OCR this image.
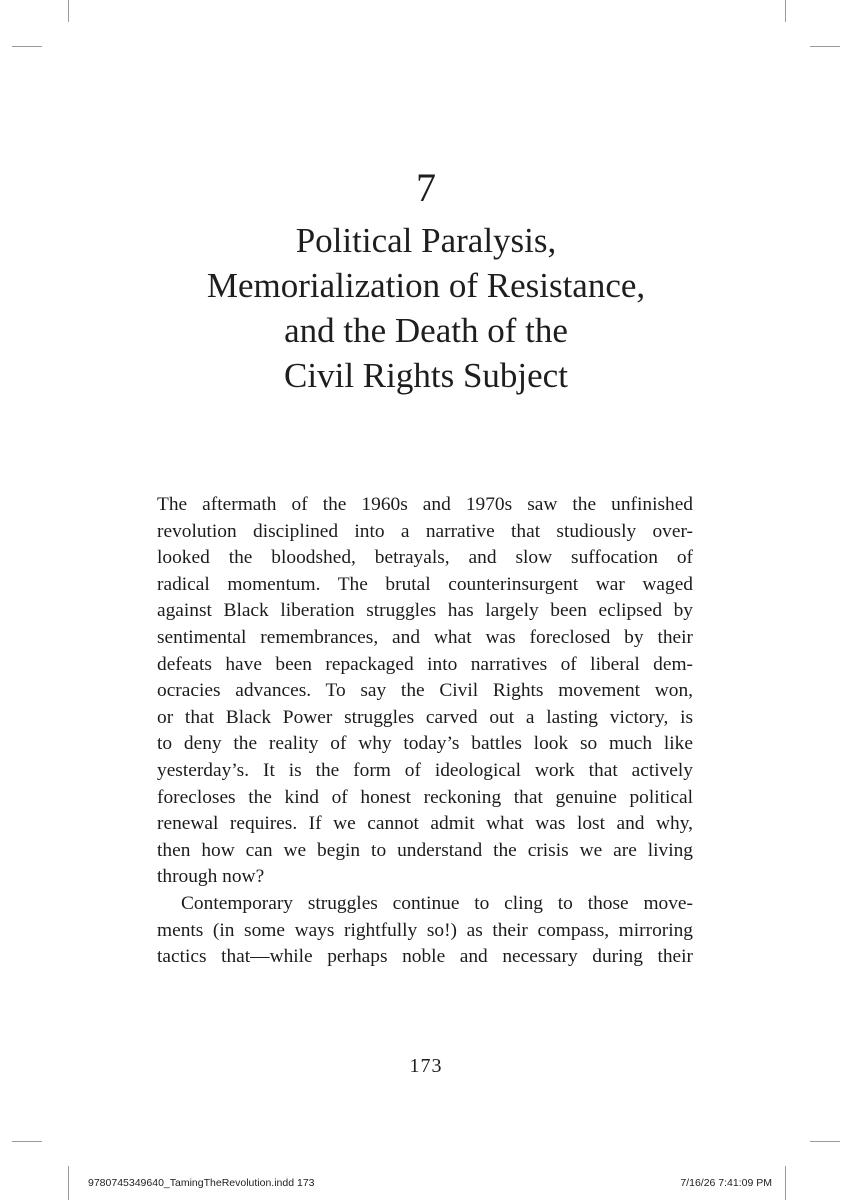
7
Political Paralysis,
Memorialization of Resistance,
and the Death of the
Civil Rights Subject
The aftermath of the 1960s and 1970s saw the unfinished
revolution disciplined into a narrative that studiously over-
looked the bloodshed, betrayals, and slow suffocation of
radical momentum. The brutal counterinsurgent war waged
against Black liberation struggles has largely been eclipsed by
sentimental remembrances, and what was foreclosed by their
defeats have been repackaged into narratives of liberal dem-
ocracies advances. To say the Civil Rights movement won,
or that Black Power struggles carved out a lasting victory, is
to deny the reality of why today’s battles look so much like
yesterday’s. It is the form of ideological work that actively
forecloses the kind of honest reckoning that genuine political
renewal requires. If we cannot admit what was lost and why,
then how can we begin to understand the crisis we are living
through now?
Contemporary struggles continue to cling to those move-
ments (in some ways rightfully so!) as their compass, mirroring
tactics that—while perhaps noble and necessary during their
173
9780745349640_TamingTheRevolution.indd 173	7/16/26 7:41:09 PM
